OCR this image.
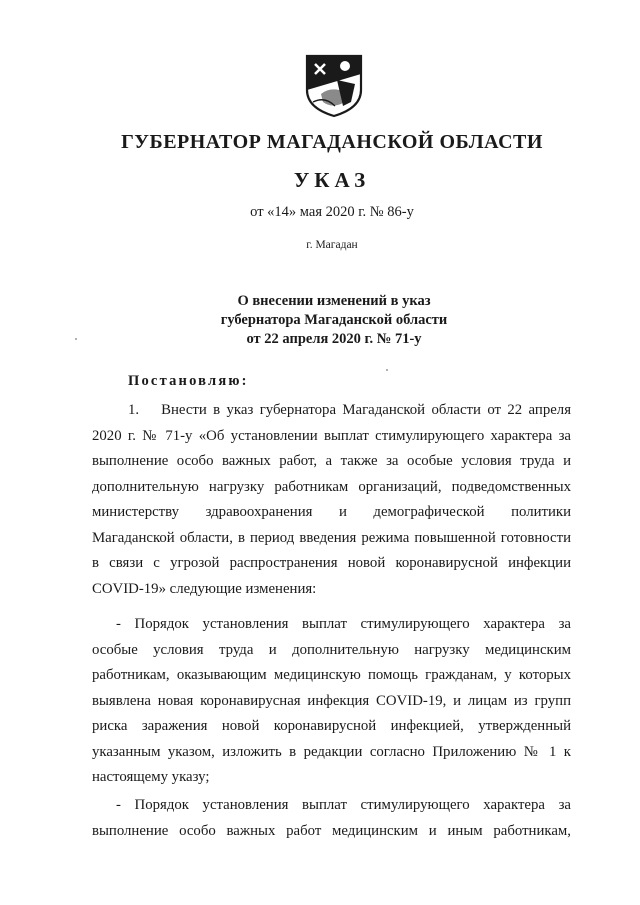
ГУБЕРНАТОР МАГАДАНСКОЙ ОБЛАСТИ
УКАЗ
от «14» мая 2020 г. № 86-у
г. Магадан
О внесении изменений в указ
губернатора Магаданской области
от 22 апреля 2020 г. № 71-у
Постановляю:
1. Внести в указ губернатора Магаданской области от 22 апреля
2020 г. № 71-у «Об установлении выплат стимулирующего характера за
выполнение особо важных работ, а также за особые условия труда и
дополнительную нагрузку работникам организаций, подведомственных
министерству здравоохранения и демографической политики
Магаданской области, в период введения режима повышенной готовности
в связи с угрозой распространения новой коронавирусной инфекции
COVID-19» следующие изменения:
- Порядок установления выплат стимулирующего характера за
особые условия труда и дополнительную нагрузку медицинским
работникам, оказывающим медицинскую помощь гражданам, у которых
выявлена новая коронавирусная инфекция COVID-19, и лицам из групп
риска заражения новой коронавирусной инфекцией, утвержденный
указанным указом, изложить в редакции согласно Приложению № 1 к
настоящему указу;
- Порядок установления выплат стимулирующего характера за
выполнение особо важных работ медицинским и иным работникам,
